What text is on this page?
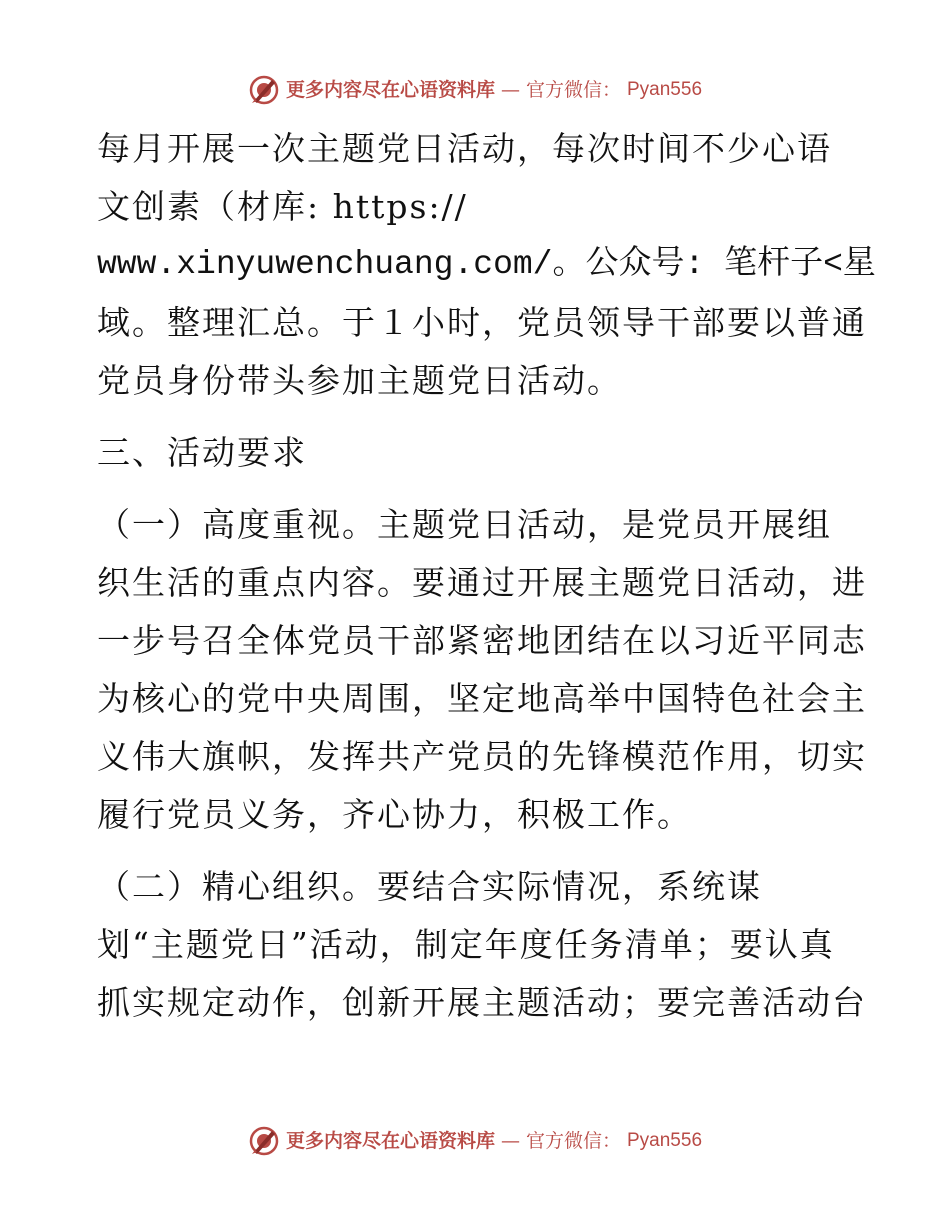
更多内容尽在心语资料库 — 官方微信： Pyan556
每月开展一次主题党日活动，每次时间不少心语
文创素（材库: https://
www.xinyuwenchuang.com/。公众号: 笔杆子<星
域。整理汇总。于１小时，党员领导干部要以普通
党员身份带头参加主题党日活动。
三、活动要求
（一）高度重视。主题党日活动，是党员开展组
织生活的重点内容。要通过开展主题党日活动，进
一步号召全体党员干部紧密地团结在以习近平同志
为核心的党中央周围，坚定地高举中国特色社会主
义伟大旗帜，发挥共产党员的先锋模范作用，切实
履行党员义务，齐心协力，积极工作。
（二）精心组织。要结合实际情况，系统谋
划“主题党日”活动，制定年度任务清单；要认真
抓实规定动作，创新开展主题活动；要完善活动台
更多内容尽在心语资料库 — 官方微信： Pyan556
